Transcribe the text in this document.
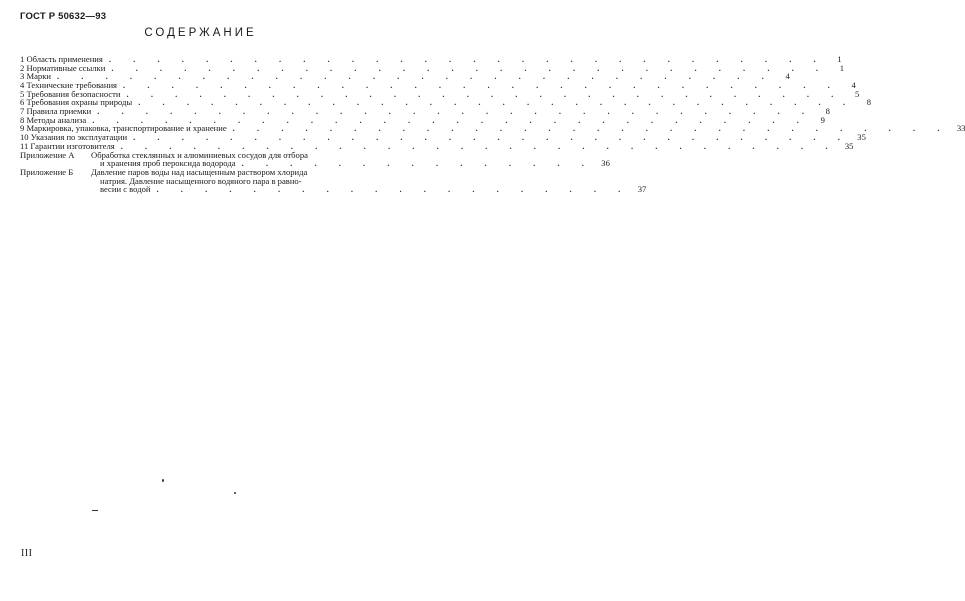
ГОСТ Р 50632—93
СОДЕРЖАНИЕ
1 Область применения . . . . . . . . . . . . . . . . . . . . . . . . . . . . . .	1
2 Нормативные ссылки . . . . . . . . . . . . . . . . . . . . . . . . . . . . . .	1
3 Марки . . . . . . . . . . . . . . . . . . . . . . . . . . . . . .	4
4 Технические требования . . . . . . . . . . . . . . . . . . . . . . . . . . . . . .	4
5 Требования безопасности . . . . . . . . . . . . . . . . . . . . . . . . . . . . . .	5
6 Требования охраны природы . . . . . . . . . . . . . . . . . . . . . . . . . . . . . .	8
7 Правила приемки . . . . . . . . . . . . . . . . . . . . . . . . . . . . . .	8
8 Методы анализа . . . . . . . . . . . . . . . . . . . . . . . . . . . . . .	9
9 Маркировка, упаковка, транспортирование и хранение . . . . . . . . . . . . . . . . . . . . . . . . . . . . . . 33
10 Указания по эксплуатации . . . . . . . . . . . . . . . . . . . . . . . . . . . . . . 35
11 Гарантии изготовителя . . . . . . . . . . . . . . . . . . . . . . . . . . . . . . 35
Приложение А	Обработка стеклянных и алюминиевых сосудов для отбора
и хранения проб пероксида водорода . . . . . . . . . . . . . . . 36
Приложение Б	Давление паров воды над насыщенным раствором хлорида
натрия. Давление насыщенного водяного пара в равно-
весии с водой . . . . . . . . . . . . . . . . . . . . 37
III
